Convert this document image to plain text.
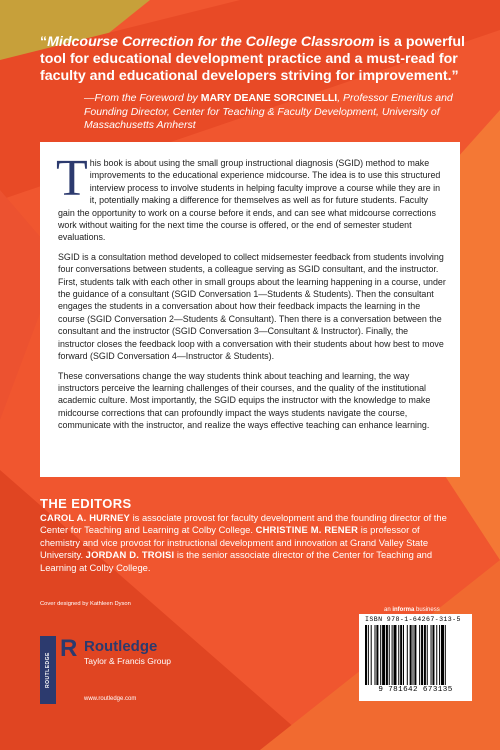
“Midcourse Correction for the College Classroom is a powerful tool for educational development practice and a must-read for faculty and educational developers striving for improvement.”
—From the Foreword by MARY DEANE SORCINELLI, Professor Emeritus and Founding Director, Center for Teaching & Faculty Development, University of Massachusetts Amherst

This book is about using the small group instructional diagnosis (SGID) method to make improvements to the educational experience midcourse. The idea is to use this structured interview process to involve students in helping faculty improve a course while they are in it, potentially making a difference for themselves as well as for future students. Faculty gain the opportunity to work on a course before it ends, and can see what midcourse corrections work without waiting for the next time the course is offered, or the end of semester student evaluations.

SGID is a consultation method developed to collect midsemester feedback from students involving four conversations between students, a colleague serving as SGID consultant, and the instructor. First, students talk with each other in small groups about the learning happening in a course, under the guidance of a consultant (SGID Conversation 1—Students & Students). Then the consultant engages the students in a conversation about how their feedback impacts the learning in the course (SGID Conversation 2—Students & Consultant). Then there is a conversation between the consultant and the instructor (SGID Conversation 3—Consultant & Instructor). Finally, the instructor closes the feedback loop with a conversation with their students about how best to move forward (SGID Conversation 4—Instructor & Students).

These conversations change the way students think about teaching and learning, the way instructors perceive the learning challenges of their courses, and the quality of the institutional academic culture. Most importantly, the SGID equips the instructor with the knowledge to make midcourse corrections that can profoundly impact the ways students navigate the course, communicate with the instructor, and realize the ways effective teaching can enhance learning.

THE EDITORS
CAROL A. HURNEY is associate provost for faculty development and the founding director of the Center for Teaching and Learning at Colby College. CHRISTINE M. RENER is professor of chemistry and vice provost for instructional development and innovation at Grand Valley State University. JORDAN D. TROISI is the senior associate director of the Center for Teaching and Learning at Colby College.
Cover designed by Kathleen Dyson
an informa business
ROUTLEDGE
R Routledge
Taylor & Francis Group
www.routledge.com
ISBN 978-1-64267-313-5
9 781642 673135
